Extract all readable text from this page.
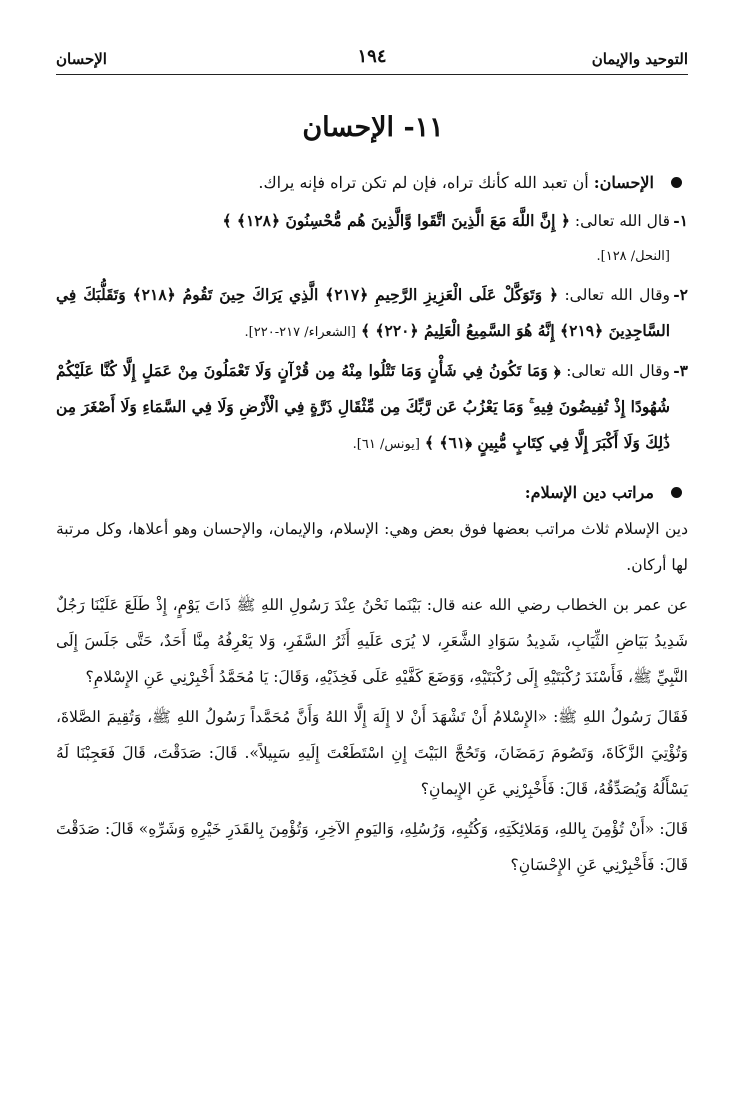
التوحيد والإيمان
١٩٤
الإحسان
١١- الإحسان
الإحسان: أن تعبد الله كأنك تراه، فإن لم تكن تراه فإنه يراك.
١-
قال الله تعالى: ﴿ إِنَّ اللَّهَ مَعَ الَّذِينَ اتَّقَوا وَّالَّذِينَ هُم مُّحْسِنُونَ ﴿١٢٨﴾ ﴾
[النحل/ ١٢٨].
٢-
وقال الله تعالى: ﴿ وَتَوَكَّلْ عَلَى الْعَزِيزِ الرَّحِيمِ ﴿٢١٧﴾ الَّذِي يَرَاكَ حِينَ تَقُومُ ﴿٢١٨﴾ وَتَقَلُّبَكَ فِي السَّاجِدِينَ ﴿٢١٩﴾ إِنَّهُ هُوَ السَّمِيعُ الْعَلِيمُ ﴿٢٢٠﴾ ﴾ [الشعراء/ ٢١٧-٢٢٠].
٣-
وقال الله تعالى: ﴿ وَمَا تَكُونُ فِي شَأْنٍ وَمَا تَتْلُوا مِنْهُ مِن قُرْآنٍ وَلَا تَعْمَلُونَ مِنْ عَمَلٍ إِلَّا كُنَّا عَلَيْكُمْ شُهُودًا إِذْ تُفِيضُونَ فِيهِ ۚ وَمَا يَعْزُبُ عَن رَّبِّكَ مِن مِّثْقَالِ ذَرَّةٍ فِي الْأَرْضِ وَلَا فِي السَّمَاءِ وَلَا أَصْغَرَ مِن ذَٰلِكَ وَلَا أَكْبَرَ إِلَّا فِي كِتَابٍ مُّبِينٍ ﴿٦١﴾ ﴾ [يونس/ ٦١].
مراتب دين الإسلام:

دين الإسلام ثلاث مراتب بعضها فوق بعض وهي: الإسلام، والإيمان، والإحسان وهو أعلاها، وكل مرتبة لها أركان.

عن عمر بن الخطاب رضي الله عنه قال: بَيْنَما نَحْنُ عِنْدَ رَسُولِ اللهِ ﷺ ذَاتَ يَوْمٍ، إِذْ طَلَعَ عَلَيْنَا رَجُلٌ شَدِيدُ بَيَاضِ الثِّيَابِ، شَدِيدُ سَوَادِ الشَّعَرِ، لا يُرَى عَلَيهِ أَثَرُ السَّفَرِ، وَلا يَعْرِفُهُ مِنَّا أَحَدٌ، حَتَّى جَلَسَ إِلَى النَّبِيِّ ﷺ، فَأَسْنَدَ رُكْبَتَيْهِ إِلَى رُكْبَتَيْهِ، وَوَضَعَ كَفَّيْهِ عَلَى فَخِذَيْهِ، وَقَالَ: يَا مُحَمَّدُ أَخْبِرْنِي عَنِ الإِسْلامِ؟

فَقَالَ رَسُولُ اللهِ ﷺ: «الإِسْلامُ أَنْ تَشْهَدَ أَنْ لا إِلَهَ إِلَّا اللهُ وَأَنَّ مُحَمَّداً رَسُولُ اللهِ ﷺ، وَتُقِيمَ الصَّلاةَ، وَتُؤْتِيَ الزَّكَاةَ، وَتَصُومَ رَمَضَانَ، وَتَحُجَّ البَيْتَ إِنِ اسْتَطَعْتَ إِلَيهِ سَبِيلاً». قَالَ: صَدَقْتَ، قَالَ فَعَجِبْنَا لَهُ يَسْأَلُهُ وَيُصَدِّقُهُ، قَالَ: فَأَخْبِرْنِي عَنِ الإِيمانِ؟

قَالَ: «أَنْ تُؤْمِنَ بِاللهِ، وَمَلائِكَتِهِ، وَكُتُبِهِ، وَرُسُلِهِ، وَاليَومِ الآخِرِ، وَتُؤْمِنَ بِالقَدَرِ خَيْرِهِ وَشَرِّهِ» قَالَ: صَدَقْتَ قَالَ: فَأَخْبِرْنِي عَنِ الإِحْسَانِ؟
